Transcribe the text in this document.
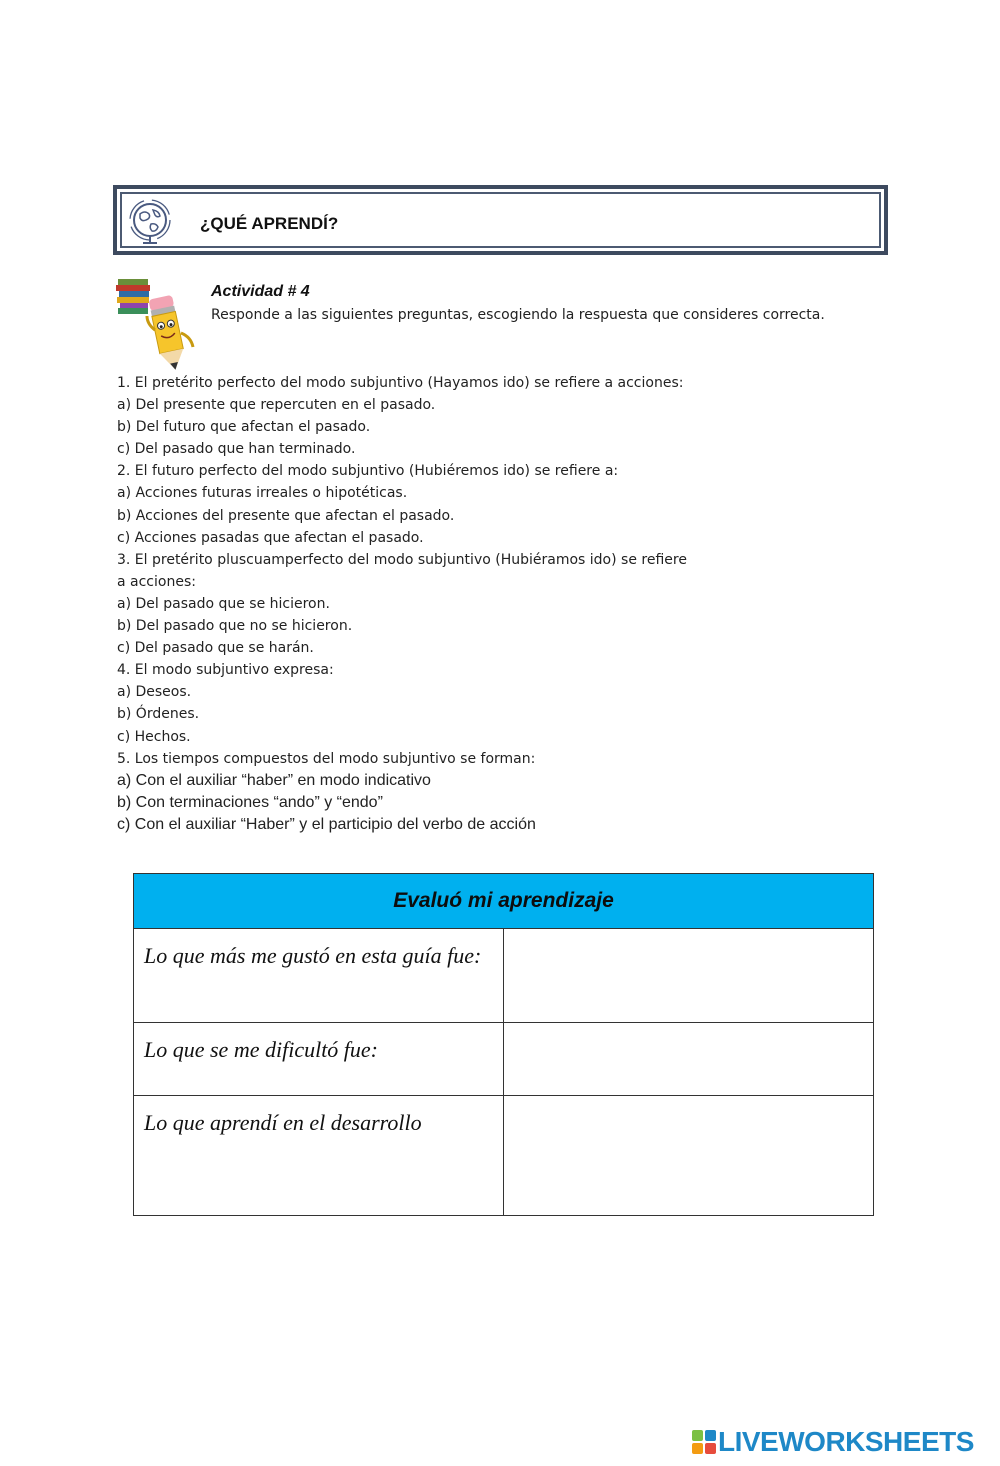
¿QUÉ APRENDÍ?
Actividad # 4
Responde a las siguientes preguntas, escogiendo la respuesta que consideres correcta.
1. El pretérito perfecto del modo subjuntivo (Hayamos ido) se refiere a acciones:
a) Del presente que repercuten en el pasado.
b) Del futuro que afectan el pasado.
c) Del pasado que han terminado.
2. El futuro perfecto del modo subjuntivo (Hubiéremos ido) se refiere a:
a) Acciones futuras irreales o hipotéticas.
b) Acciones del presente que afectan el pasado.
c) Acciones pasadas que afectan el pasado.
3. El pretérito pluscuamperfecto del modo subjuntivo (Hubiéramos ido) se refiere
a acciones:
a) Del pasado que se hicieron.
b) Del pasado que no se hicieron.
c) Del pasado que se harán.
4. El modo subjuntivo expresa:
a) Deseos.
b) Órdenes.
c) Hechos.
5. Los tiempos compuestos del modo subjuntivo se forman:
a) Con el auxiliar “haber” en modo indicativo
b) Con terminaciones “ando” y “endo”
c) Con el auxiliar “Haber” y el participio del verbo de acción
Evaluó mi aprendizaje	
Lo que más me gustó en esta guía fue:	
Lo que se me dificultó fue:	
Lo que aprendí en el desarrollo	
LIVEWORKSHEETS
